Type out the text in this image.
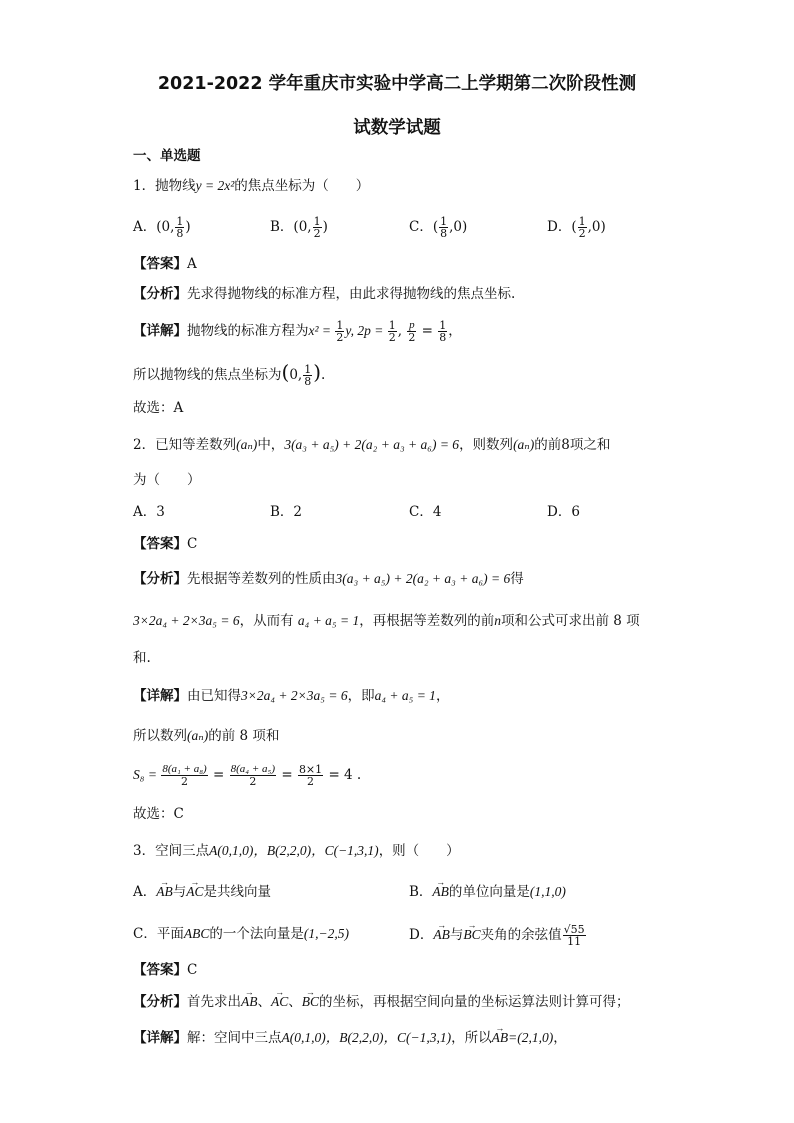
2021-2022 学年重庆市实验中学高二上学期第二次阶段性测
试数学试题
一、单选题
1．抛物线y = 2x²的焦点坐标为（　　）
A．(0, $\frac{1}{8}$ )	B．(0, $\frac{1}{2}$ )	C．( $\frac{1}{8} ,0$)	D．( $\frac{1}{2} ,0$)
【答案】A
【分析】先求得抛物线的标准方程，由此求得抛物线的焦点坐标.
【详解】抛物线的标准方程为$x^2 = \frac{1}{2} y$, $2p = \frac{1}{2}$ , $\frac{p}{2} = \frac{1}{8}$ ，
所以抛物线的焦点坐标为(0, $\frac{1}{8}$ ).
故选：A
2．已知等差数列(aₙ)中，3(a₃ + a₅) + 2(a₂ + a₃ + a₆) = 6，则数列(aₙ)的前8项之和
为（　　）
A．3	B．2	C．4	D．6
【答案】C
【分析】先根据等差数列的性质由3(a₃ + a₅) + 2(a₂ + a₃ + a₆) = 6得
3×2a₄ + 2×3a₅ = 6，从而有 a₄ + a₅ = 1，再根据等差数列的前n项和公式可求出前 8 项
和.
【详解】由已知得3×2a₄ + 2×3a₅ = 6，即a₄ + a₅ = 1，
所以数列(aₙ)的前 8 项和
$S_8 = \frac{\text{8(a₁ + a₈)}}{2} = \frac{\text{8(a₄ + a₅)}}{2} = \frac{8\times 1}{2} = 4$ .
故选：C
3．空间三点A(0,1,0)，B(2,2,0)，C(−1,3,1)，则（　　）
A．→ AB与→ AC是共线向量	B．→ AB的单位向量是(1,1,0)
C．平面ABC的一个法向量是(1,−2,5)	D．→ AB与→ BC夹角的余弦值 $\frac{√55}{11}$
【答案】C
【分析】首先求出→ AB、→ AC、→ BC的坐标，再根据空间向量的坐标运算法则计算可得；
【详解】解：空间中三点A(0,1,0)，B(2,2,0)，C(−1,3,1)，所以→ AB=(2,1,0)，
